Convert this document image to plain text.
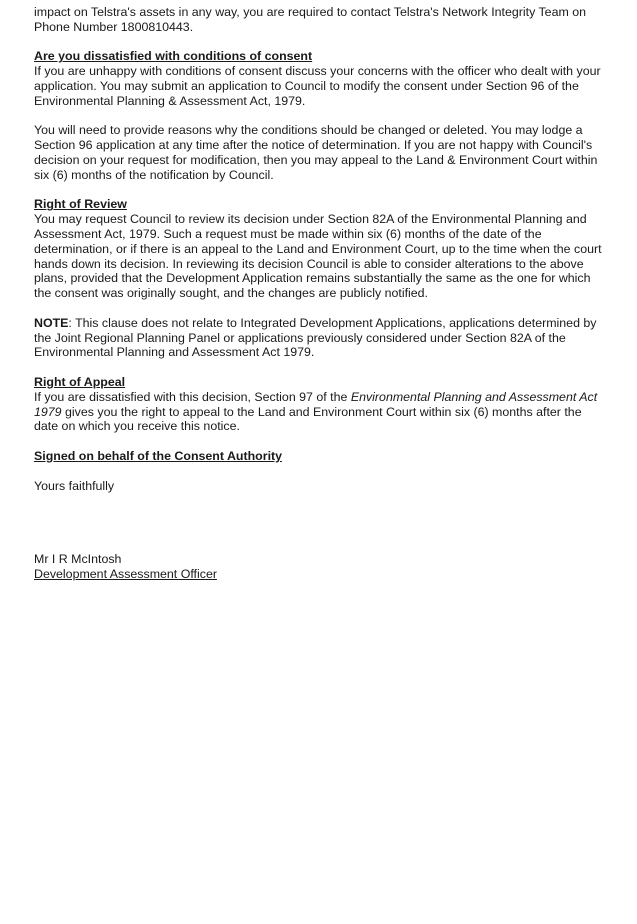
impact on Telstra's assets in any way, you are required to contact Telstra's Network Integrity Team on Phone Number 1800810443.

Are you dissatisfied with conditions of consent

If you are unhappy with conditions of consent discuss your concerns with the officer who dealt with your application. You may submit an application to Council to modify the consent under Section 96 of the Environmental Planning & Assessment Act, 1979.

You will need to provide reasons why the conditions should be changed or deleted. You may lodge a Section 96 application at any time after the notice of determination. If you are not happy with Council's decision on your request for modification, then you may appeal to the Land & Environment Court within six (6) months of the notification by Council.

Right of Review

You may request Council to review its decision under Section 82A of the Environmental Planning and Assessment Act, 1979. Such a request must be made within six (6) months of the date of the determination, or if there is an appeal to the Land and Environment Court, up to the time when the court hands down its decision. In reviewing its decision Council is able to consider alterations to the above plans, provided that the Development Application remains substantially the same as the one for which the consent was originally sought, and the changes are publicly notified.

NOTE: This clause does not relate to Integrated Development Applications, applications determined by the Joint Regional Planning Panel or applications previously considered under Section 82A of the Environmental Planning and Assessment Act 1979.

Right of Appeal

If you are dissatisfied with this decision, Section 97 of the Environmental Planning and Assessment Act 1979 gives you the right to appeal to the Land and Environment Court within six (6) months after the date on which you receive this notice.

Signed on behalf of the Consent Authority

Yours faithfully

Mr I R McIntosh

Development Assessment Officer
